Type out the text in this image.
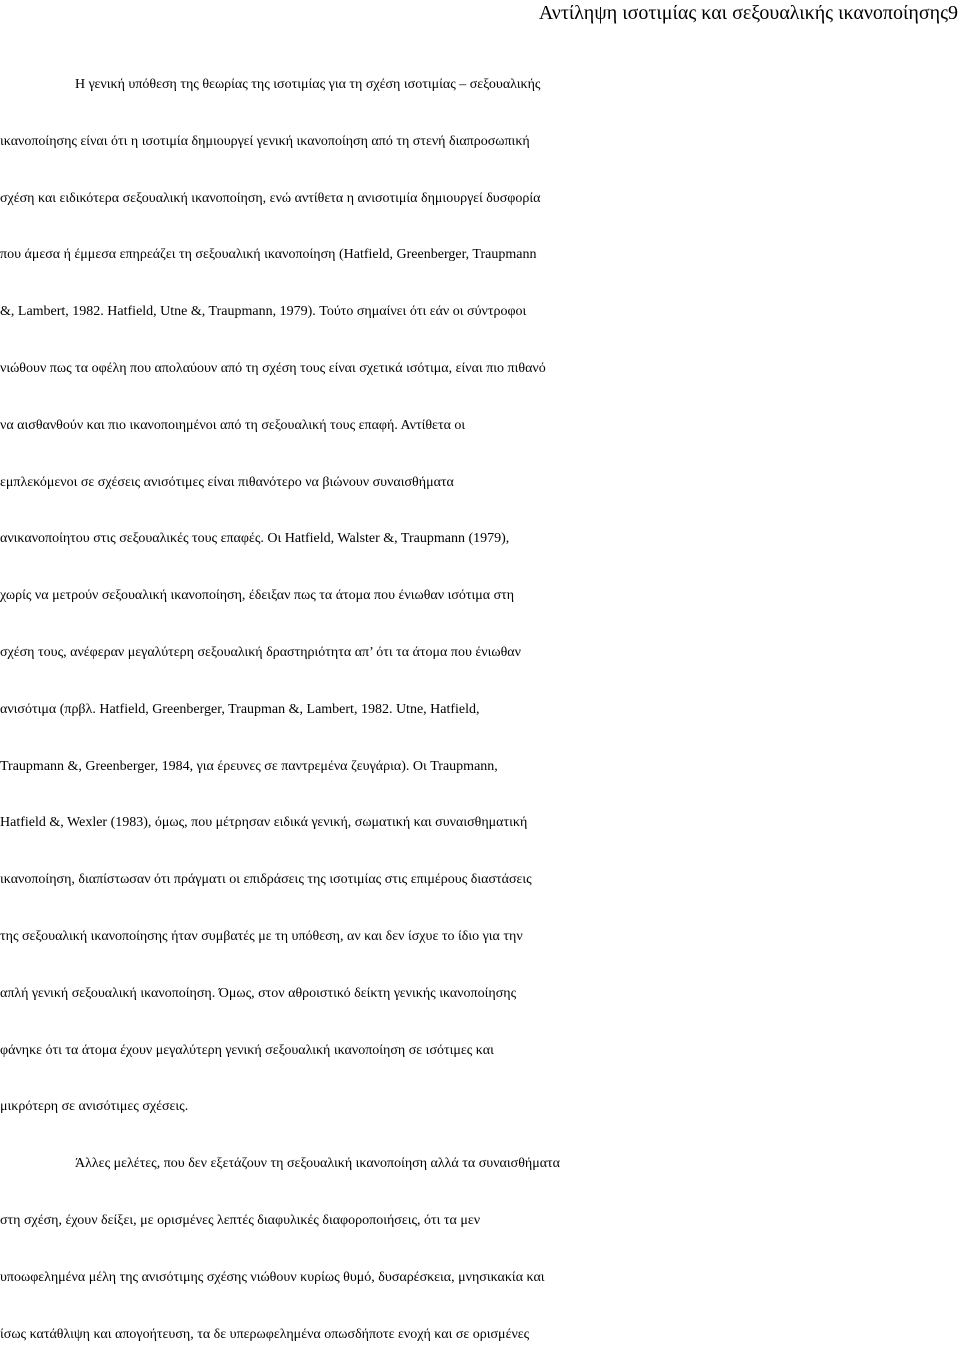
Αντίληψη ισοτιμίας και σεξουαλικής ικανοποίησης9
Η γενική υπόθεση της θεωρίας της ισοτιμίας για τη σχέση ισοτιμίας – σεξουαλικής
ικανοποίησης είναι ότι η ισοτιμία δημιουργεί γενική ικανοποίηση από τη στενή διαπροσωπική
σχέση και ειδικότερα σεξουαλική ικανοποίηση, ενώ αντίθετα η ανισοτιμία δημιουργεί δυσφορία
που άμεσα ή έμμεσα επηρεάζει τη σεξουαλική ικανοποίηση (Hatfield, Greenberger, Traupmann
&, Lambert, 1982. Hatfield, Utne &, Traupmann, 1979). Τούτο σημαίνει ότι εάν οι σύντροφοι
νιώθουν πως τα οφέλη που απολαύουν από τη σχέση τους είναι σχετικά ισότιμα, είναι πιο πιθανό
να αισθανθούν και πιο ικανοποιημένοι από τη σεξουαλική τους επαφή. Αντίθετα οι
εμπλεκόμενοι σε σχέσεις ανισότιμες είναι πιθανότερο να βιώνουν συναισθήματα
ανικανοποίητου στις σεξουαλικές τους επαφές. Οι Hatfield, Walster &, Traupmann (1979),
χωρίς να μετρούν σεξουαλική ικανοποίηση, έδειξαν πως τα άτομα που ένιωθαν ισότιμα στη
σχέση τους, ανέφεραν μεγαλύτερη σεξουαλική δραστηριότητα απ’ ότι τα άτομα που ένιωθαν
ανισότιμα (πρβλ. Hatfield, Greenberger, Traupman &, Lambert, 1982. Utne, Hatfield,
Traupmann &, Greenberger, 1984, για έρευνες σε παντρεμένα ζευγάρια). Οι Traupmann,
Hatfield &, Wexler (1983), όμως, που μέτρησαν ειδικά γενική, σωματική και συναισθηματική
ικανοποίηση, διαπίστωσαν ότι πράγματι οι επιδράσεις της ισοτιμίας στις επιμέρους διαστάσεις
της σεξουαλική ικανοποίησης ήταν συμβατές με τη υπόθεση, αν και δεν ίσχυε το ίδιο για την
απλή γενική σεξουαλική ικανοποίηση. Όμως, στον αθροιστικό δείκτη γενικής ικανοποίησης
φάνηκε ότι τα άτομα έχουν μεγαλύτερη γενική σεξουαλική ικανοποίηση σε ισότιμες και
μικρότερη σε ανισότιμες σχέσεις.
Άλλες μελέτες, που δεν εξετάζουν τη σεξουαλική ικανοποίηση αλλά τα συναισθήματα
στη σχέση, έχουν δείξει, με ορισμένες λεπτές διαφυλικές διαφοροποιήσεις, ότι τα μεν
υποωφελημένα μέλη της ανισότιμης σχέσης νιώθουν κυρίως θυμό, δυσαρέσκεια, μνησικακία και
ίσως κατάθλιψη και απογοήτευση, τα δε υπερωφελημένα οπωσδήποτε ενοχή και σε ορισμένες
